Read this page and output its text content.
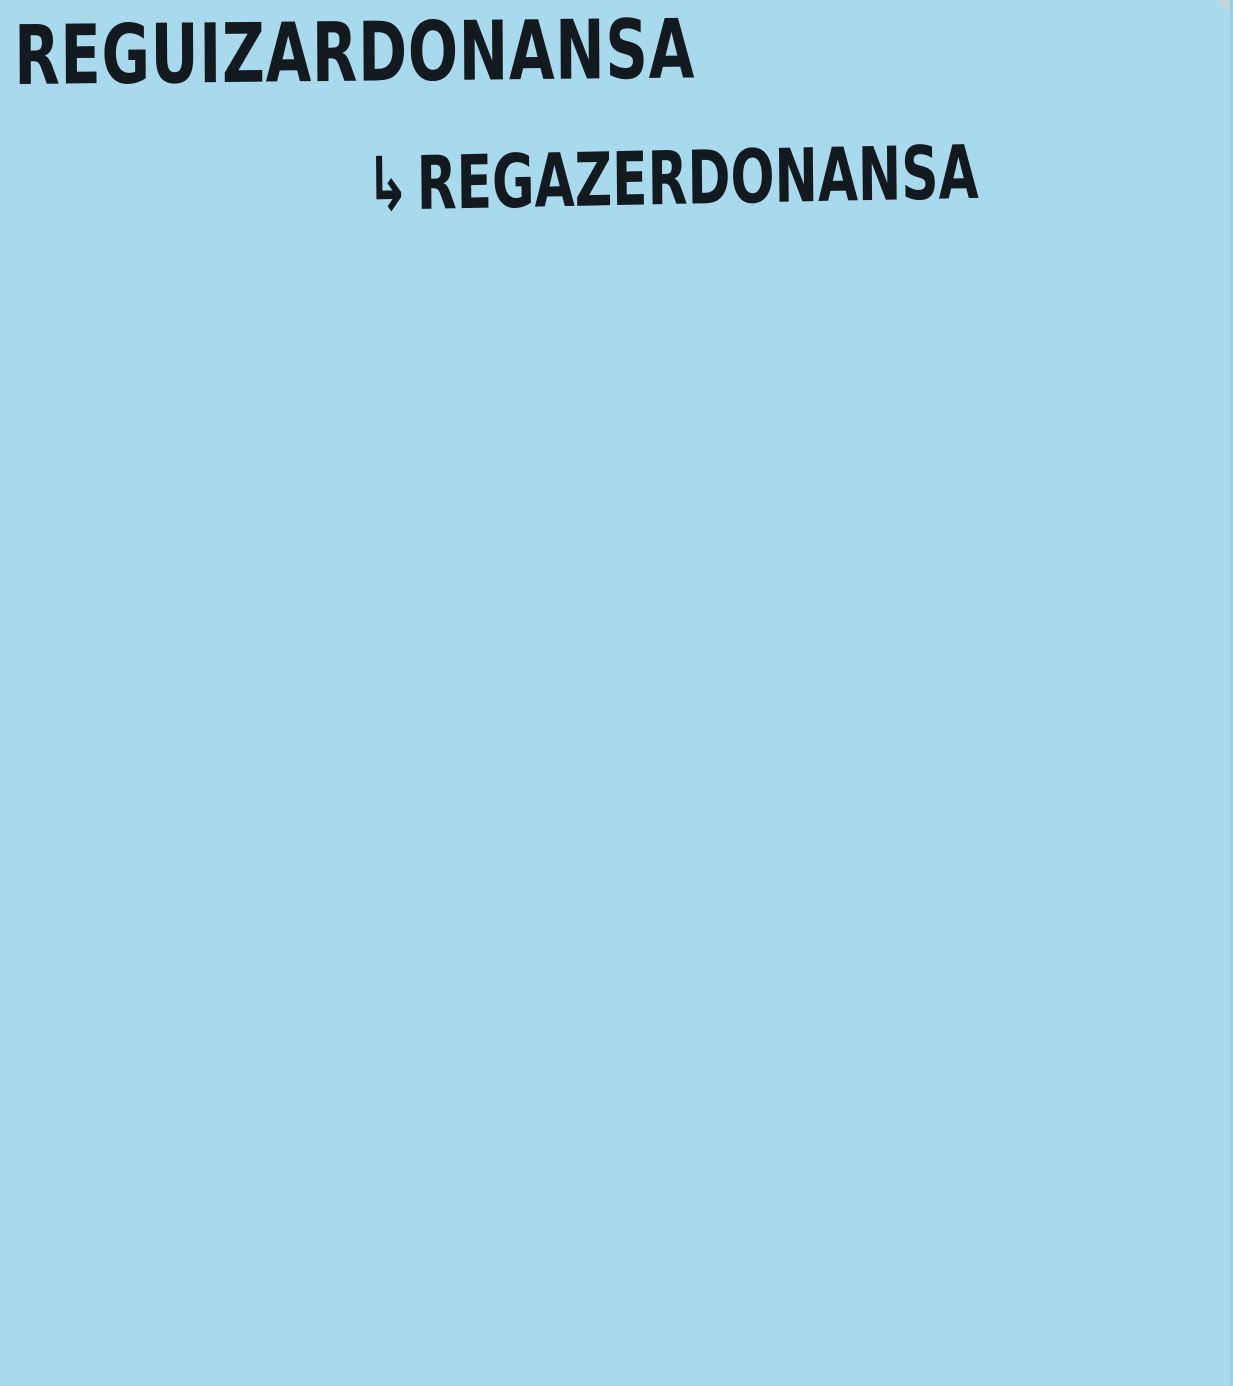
REGUIZARDONANSA

↳REGAZERDONANSA
